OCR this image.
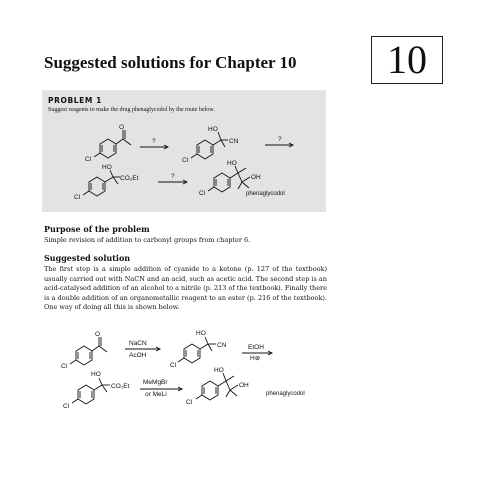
Suggested solutions for Chapter 10 10
PROBLEM 1
Suggest reagents to make the drug phenaglycodol by the route below.
O
Cl
?
HO
CN
Cl
?
HO
CO₂Et
Cl
?
HO
OH
Cl	phenaglycodol
Purpose of the problem

Simple revision of addition to carbonyl groups from chapter 6.

Suggested solution

The first step is a simple addition of cyanide to a ketone (p. 127 of the textbook) usually carried out with NaCN and an acid, such as acetic acid. The second step is an acid-catalysed addition of an alcohol to a nitrile (p. 213 of the textbook). Finally there is a double addition of an organometallic reagent to an ester (p. 216 of the textbook). One way of doing all this is shown below.

O
Cl
NaCN
AcOH
HO
CN
Cl
EtOH
H⊕
HO
CO₂Et
Cl
MeMgBr
or MeLi
HO
OH
Cl
phenaglycodol
